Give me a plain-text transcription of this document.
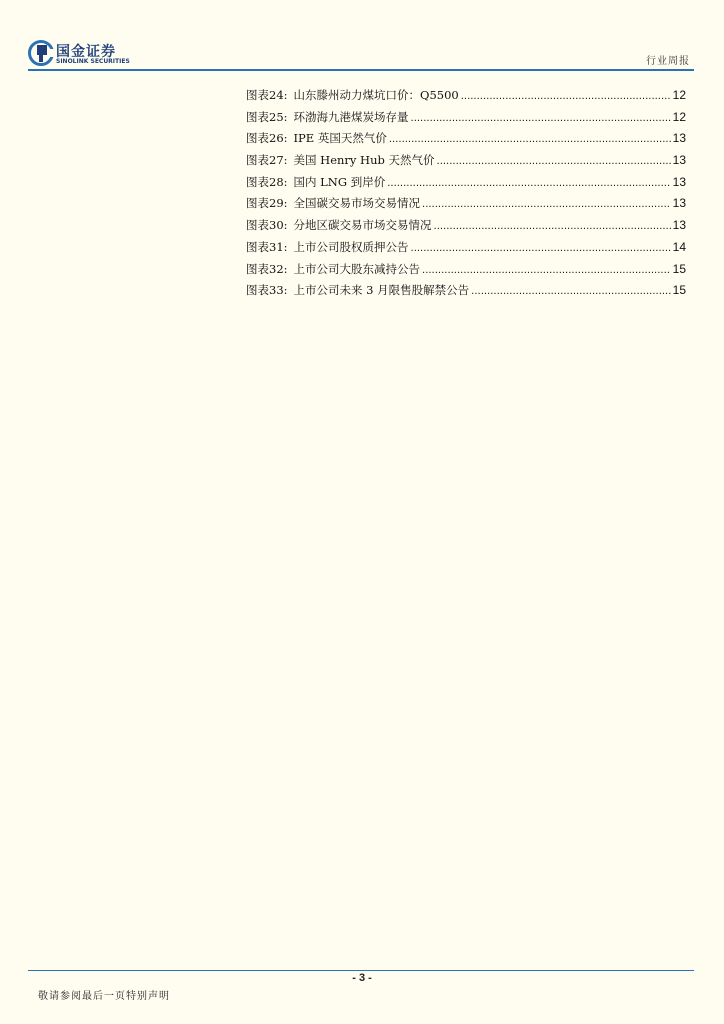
国金证券
SINOLINK SECURITIES	行业周报
图表24: 山东滕州动力煤坑口价：Q5500 .....	12
图表25: 环渤海九港煤炭场存量 .....	12
图表26: IPE 英国天然气价 .....	13
图表27: 美国 Henry Hub 天然气价 .....	13
图表28: 国内 LNG 到岸价 .....	13
图表29: 全国碳交易市场交易情况 .....	13
图表30: 分地区碳交易市场交易情况 .....	13
图表31: 上市公司股权质押公告 .....	14
图表32: 上市公司大股东减持公告 .....	15
图表33: 上市公司未来 3 月限售股解禁公告 .....	15
- 3 -
敬请参阅最后一页特别声明
